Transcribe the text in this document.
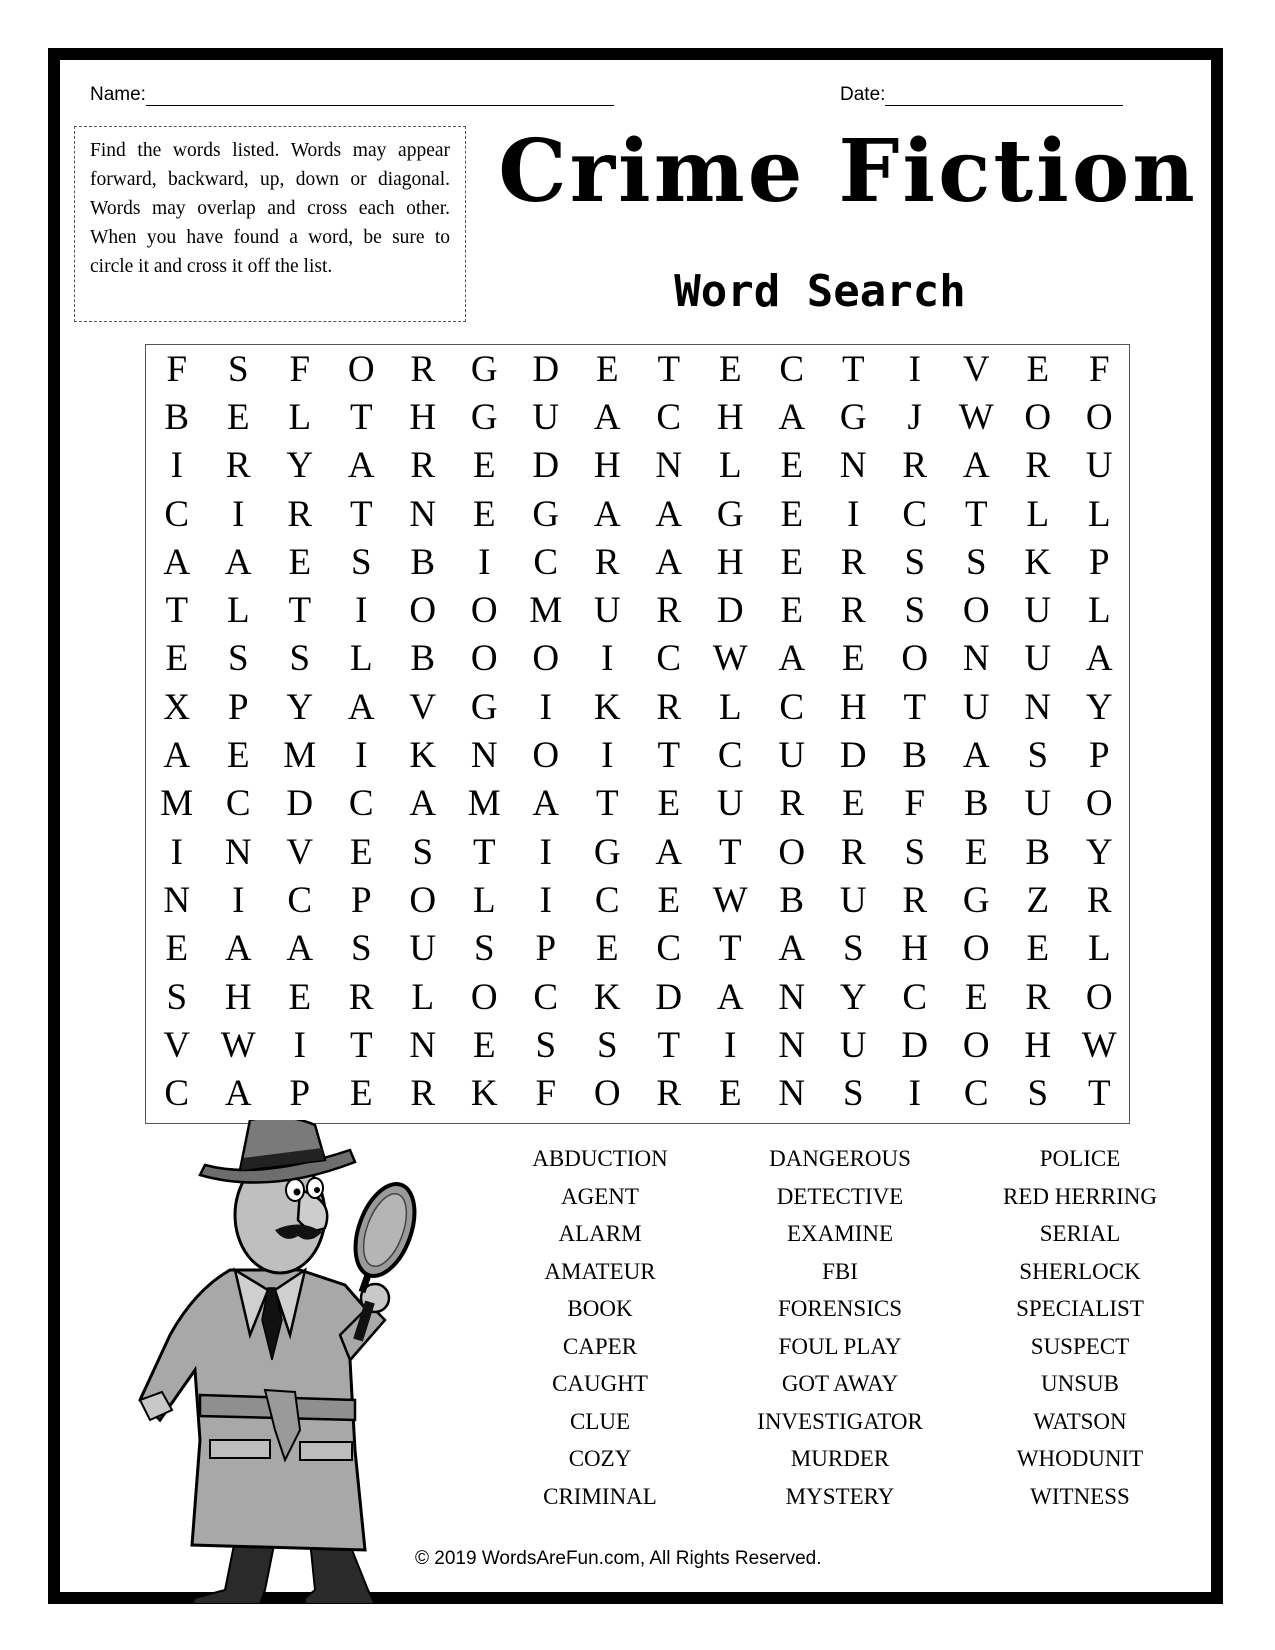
Name:	Date:
Find the words listed. Words may appear forward, backward, up, down or diagonal. Words may overlap and cross each other. When you have found a word, be sure to circle it and cross it off the list.
Crime Fiction
Word Search
F	S	F	O R G D E	T	E	C	T	I	V E	F
B	E	L	T H G U A C H A G	J W O O
I	R Y A R	E D H N L	E N R A R U
C	I	R	T N E G A A G E	I	C	T	L	L
A A E	S	B	I	C R A H E	R	S	S	K	P
T	L	T	I	O O M U R D E	R	S	O U L
E	S	S	L	B O O	I	C W A E O N U A
X	P	Y A V G	I	K R	L	C H T U N Y
A E M	I	K N O	I	T	C U D B A	S	P
M C D C A M A T	E U R	E	F	B U O
I	N V E	S	T	I	G A T O R	S	E	B Y
N	I	C	P	O L	I	C	E W B U R G Z	R
E A A	S	U	S	P	E	C	T A	S	H O E	L
S	H E	R	L O C K D A N Y C	E	R O
V W	I	T N E	S	S	T	I	N U D O H W
C A	P	E	R K	F	O R	E N	S	I	C	S	T
ABDUCTION
AGENT
ALARM
AMATEUR
BOOK
CAPER
CAUGHT
CLUE
COZY
CRIMINAL
DANGEROUS
DETECTIVE
EXAMINE
FBI
FORENSICS
FOUL PLAY
GOT AWAY
INVESTIGATOR
MURDER
MYSTERY
POLICE
RED HERRING
SERIAL
SHERLOCK
SPECIALIST
SUSPECT
UNSUB
WATSON
WHODUNIT
WITNESS
© 2019 WordsAreFun.com, All Rights Reserved.
